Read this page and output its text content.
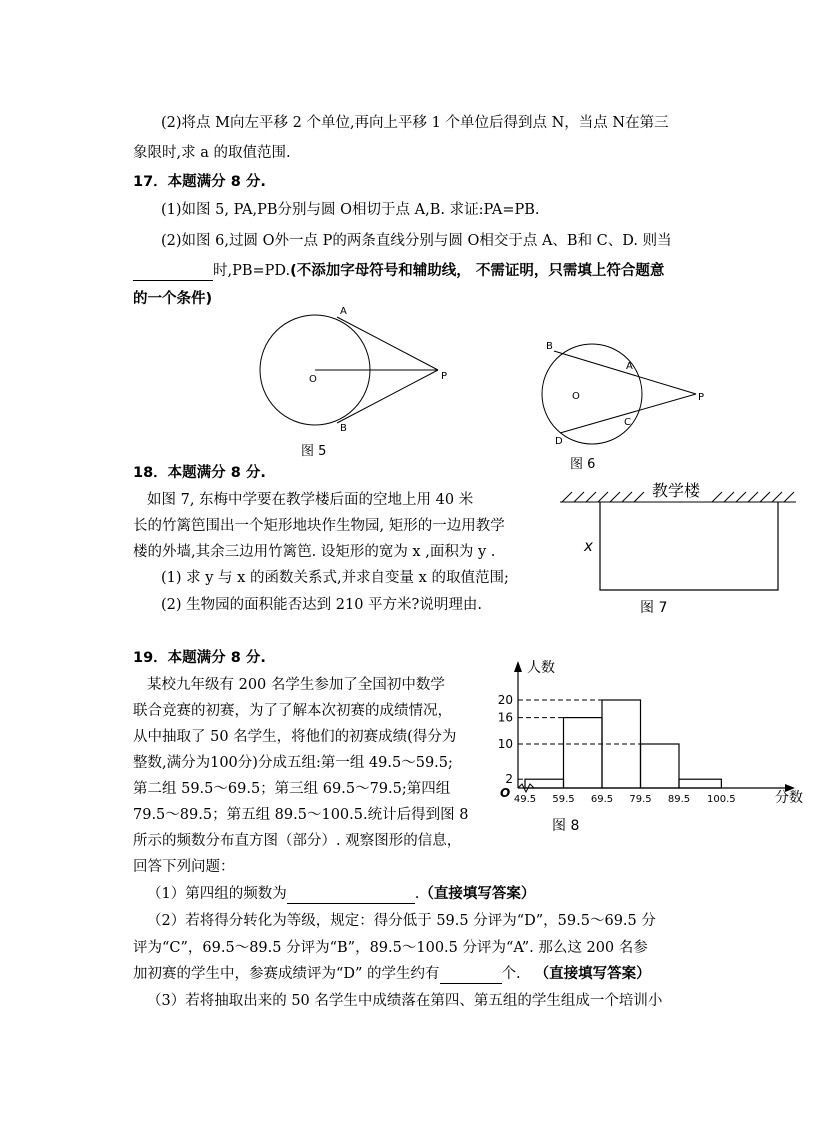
(2)将点 M向左平移 2 个单位,再向上平移 1 个单位后得到点 N，当点 N在第三
象限时,求 a 的取值范围.
17．本题满分 8 分.
(1)如图 5, PA,PB分别与圆 O相切于点 A,B. 求证:PA=PB.
(2)如图 6,过圆 O外一点 P的两条直线分别与圆 O相交于点 A、B和 C、D. 则当
时,PB=PD.(不添加字母符号和辅助线， 不需证明，只需填上符合题意
的一个条件)
A
B
O	P
图 5
B
A
C
D
O	P
图 6
18．本题满分 8 分.
如图 7, 东梅中学要在教学楼后面的空地上用 40 米
长的竹篱笆围出一个矩形地块作生物园, 矩形的一边用教学
楼的外墙,其余三边用竹篱笆. 设矩形的宽为 x ,面积为 y .
(1) 求 y 与 x 的函数关系式,并求自变量 x 的取值范围;
(2) 生物园的面积能否达到 210 平方米?说明理由.
教学楼
x
图 7
19．本题满分 8 分.
某校九年级有 200 名学生参加了全国初中数学
联合竞赛的初赛，为了了解本次初赛的成绩情况，
从中抽取了 50 名学生，将他们的初赛成绩(得分为
整数,满分为100分)分成五组:第一组 49.5～59.5;
第二组 59.5～69.5；第三组 69.5～79.5;第四组
79.5～89.5；第五组 89.5～100.5.统计后得到图 8
所示的频数分布直方图（部分）. 观察图形的信息，
回答下列问题：
（1）第四组的频数为	.（直接填写答案）
（2）若将得分转化为等级，规定：得分低于 59.5 分评为“D”，59.5～69.5 分
评为“C”，69.5～89.5 分评为“B”，89.5～100.5 分评为“A”. 那么这 200 名参
加初赛的学生中，参赛成绩评为“D” 的学生约有	个. （直接填写答案）
（3）若将抽取出来的 50 名学生中成绩落在第四、第五组的学生组成一个培训小
人数
分数
O
图 8
2
10
16
20
49.5 59.5 69.5 79.5 89.5 100.5
